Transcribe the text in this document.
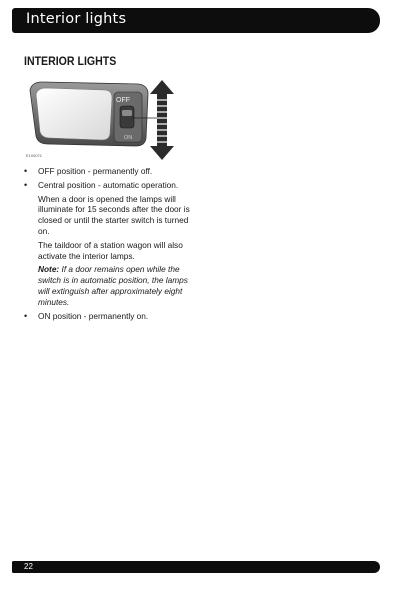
Interior lights
INTERIOR LIGHTS
OFF
ON
E100071
• OFF position - permanently off.
• Central position - automatic operation.
When a door is opened the lamps will illuminate for 15 seconds after the door is closed or until the starter switch is turned on.
The taildoor of a station wagon will also activate the interior lamps.
Note: If a door remains open while the switch is in automatic position, the lamps will extinguish after approximately eight minutes.
• ON position - permanently on.
22
